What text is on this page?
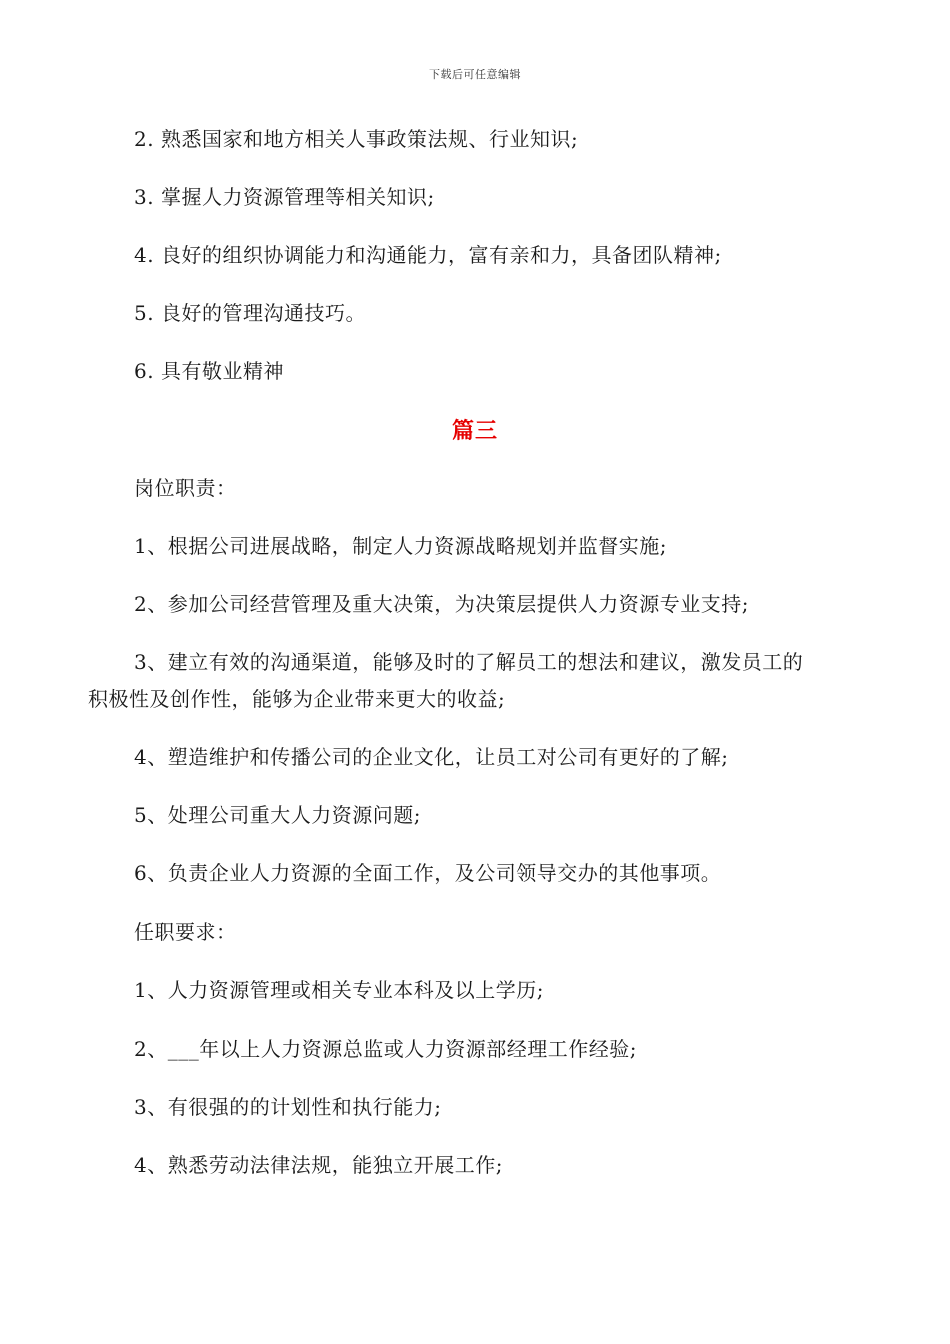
下载后可任意编辑
2. 熟悉国家和地方相关人事政策法规、行业知识;
3. 掌握人力资源管理等相关知识;
4. 良好的组织协调能力和沟通能力，富有亲和力，具备团队精神;
5. 良好的管理沟通技巧。
6. 具有敬业精神
篇三
岗位职责：
1、根据公司进展战略，制定人力资源战略规划并监督实施;
2、参加公司经营管理及重大决策，为决策层提供人力资源专业支持;
3、建立有效的沟通渠道，能够及时的了解员工的想法和建议，激发员工的
积极性及创作性，能够为企业带来更大的收益;
4、塑造维护和传播公司的企业文化，让员工对公司有更好的了解;
5、处理公司重大人力资源问题;
6、负责企业人力资源的全面工作，及公司领导交办的其他事项。
任职要求：
1、人力资源管理或相关专业本科及以上学历;
2、___年以上人力资源总监或人力资源部经理工作经验;
3、有很强的的计划性和执行能力;
4、熟悉劳动法律法规，能独立开展工作;
